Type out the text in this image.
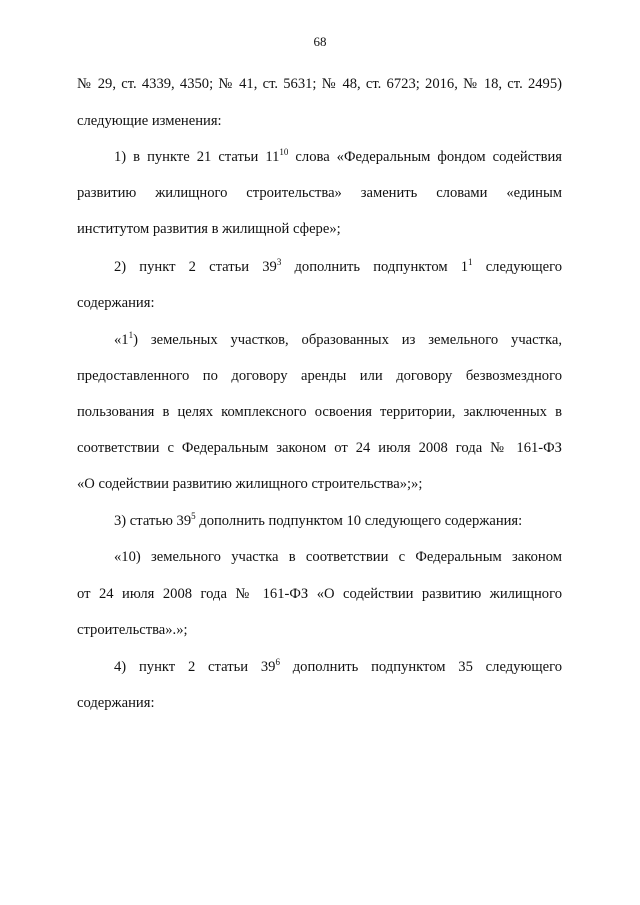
68
№ 29, ст. 4339, 4350; № 41, ст. 5631; № 48, ст. 6723; 2016, № 18, ст. 2495)
следующие изменения:
1) в пункте 21 статьи $11^{10}$ слова «Федеральным фондом содействия
развитию жилищного строительства» заменить словами «единым
институтом развития в жилищной сфере»;
2) пункт 2 статьи $39^3$ дополнить подпунктом $1^1$ следующего
содержания:
«$1^1$) земельных участков, образованных из земельного участка,
предоставленного по договору аренды или договору безвозмездного
пользования в целях комплексного освоения территории, заключенных в
соответствии с Федеральным законом от 24 июля 2008 года № 161-ФЗ
«О содействии развитию жилищного строительства»;»;
3) статью $39^5$ дополнить подпунктом 10 следующего содержания:
«10) земельного участка в соответствии с Федеральным законом
от 24 июля 2008 года № 161-ФЗ «О содействии развитию жилищного
строительства».»;
4) пункт 2 статьи $39^6$ дополнить подпунктом 35 следующего
содержания:
